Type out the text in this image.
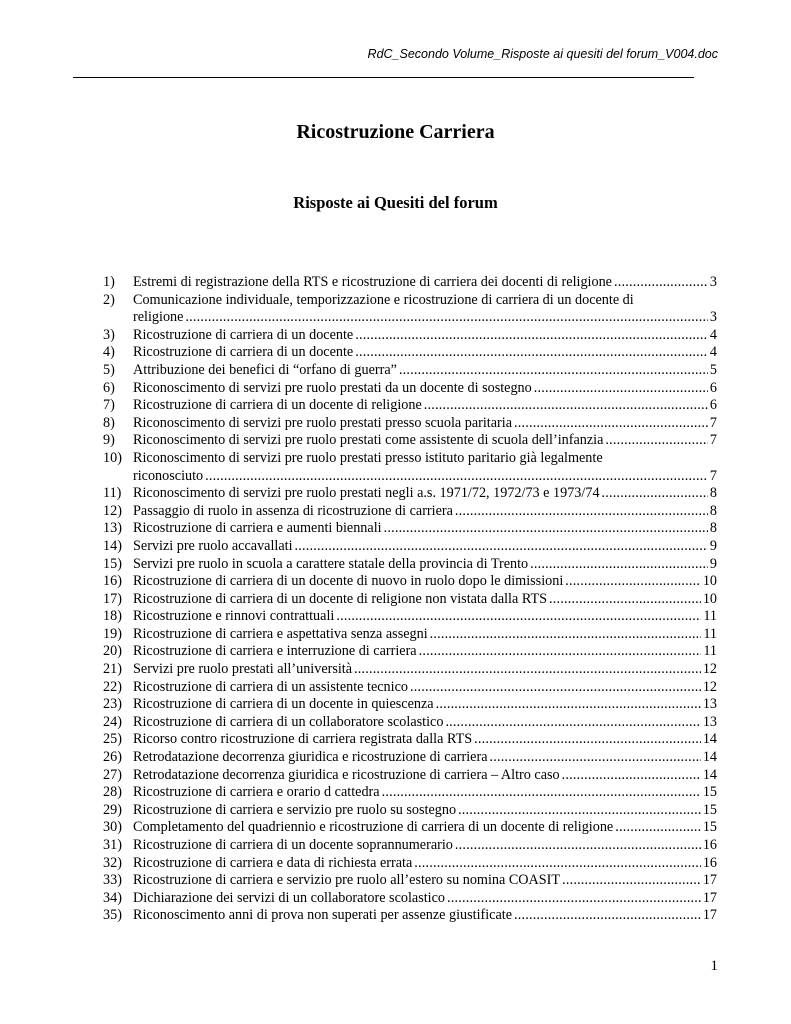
RdC_Secondo Volume_Risposte ai quesiti del forum_V004.doc
Ricostruzione Carriera
Risposte ai Quesiti del forum
1)	Estremi di registrazione della RTS e ricostruzione di carriera dei docenti di religione .....	3
2)	Comunicazione individuale, temporizzazione e ricostruzione di carriera di un docente di
religione .....	3
3)	Ricostruzione di carriera di un docente .....	4
4)	Ricostruzione di carriera di un docente .....	4
5)	Attribuzione dei benefici di “orfano di guerra” .....	5
6)	Riconoscimento di servizi pre ruolo prestati da un docente di sostegno .....	6
7)	Ricostruzione di carriera di un docente di religione .....	6
8)	Riconoscimento di servizi pre ruolo prestati presso scuola paritaria .....	7
9)	Riconoscimento di servizi pre ruolo prestati come assistente di scuola dell’infanzia .....	7
10) Riconoscimento di servizi pre ruolo prestati presso istituto paritario già legalmente
riconosciuto .....	7
11) Riconoscimento di servizi pre ruolo prestati negli a.s. 1971/72, 1972/73 e 1973/74 .....	8
12) Passaggio di ruolo in assenza di ricostruzione di carriera .....	8
13) Ricostruzione di carriera e aumenti biennali .....	8
14) Servizi pre ruolo accavallati .....	9
15) Servizi pre ruolo in scuola a carattere statale della provincia di Trento .....	9
16) Ricostruzione di carriera di un docente di nuovo in ruolo dopo le dimissioni .....	10
17) Ricostruzione di carriera di un docente di religione non vistata dalla RTS .....	10
18) Ricostruzione e rinnovi contrattuali .....	11
19) Ricostruzione di carriera e aspettativa senza assegni .....	11
20) Ricostruzione di carriera e interruzione di carriera .....	11
21) Servizi pre ruolo prestati all’università .....	12
22) Ricostruzione di carriera di un assistente tecnico .....	12
23) Ricostruzione di carriera di un docente in quiescenza .....	13
24) Ricostruzione di carriera di un collaboratore scolastico .....	13
25) Ricorso contro ricostruzione di carriera registrata dalla RTS .....	14
26) Retrodatazione decorrenza giuridica e ricostruzione di carriera .....	14
27) Retrodatazione decorrenza giuridica e ricostruzione di carriera – Altro caso .....	14
28) Ricostruzione di carriera e orario d cattedra .....	15
29) Ricostruzione di carriera e servizio pre ruolo su sostegno .....	15
30) Completamento del quadriennio e ricostruzione di carriera di un docente di religione .....	15
31) Ricostruzione di carriera di un docente soprannumerario .....	16
32) Ricostruzione di carriera e data di richiesta errata .....	16
33) Ricostruzione di carriera e servizio pre ruolo all’estero su nomina COASIT .....	17
34) Dichiarazione dei servizi di un collaboratore scolastico .....	17
35) Riconoscimento anni di prova non superati per assenze giustificate .....	17
1
